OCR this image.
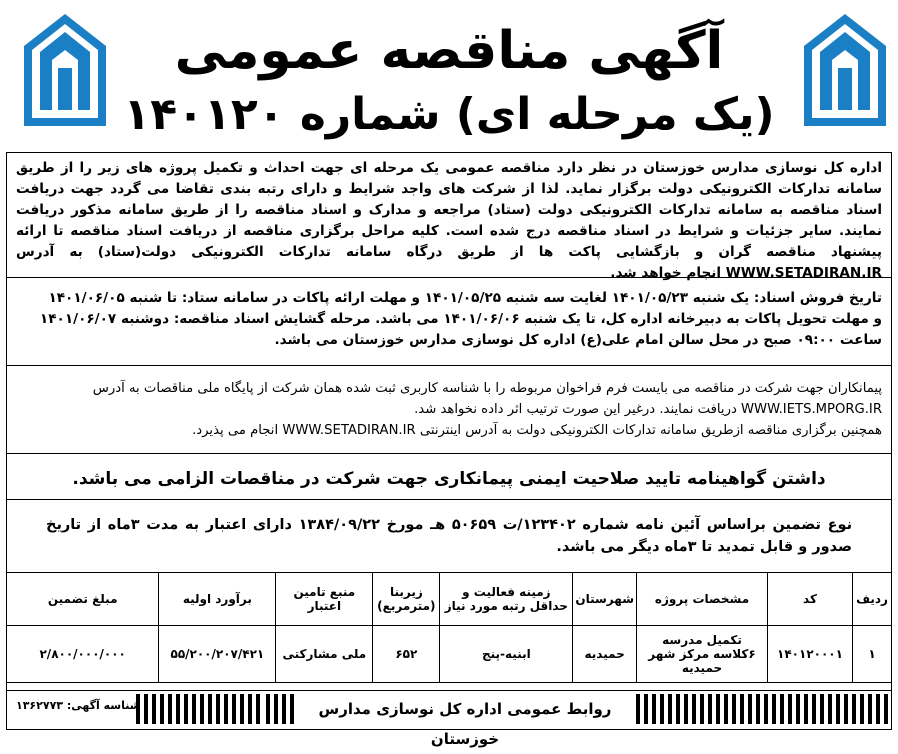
آگهی مناقصه عمومی
(یک مرحله ای) شماره ۱۴۰۱۲۰
اداره کل نوسازی مدارس خوزستان در نظر دارد مناقصه عمومی یک مرحله ای جهت احداث و تکمیل پروژه های زیر را از طریق سامانه تدارکات الکترونیکی دولت برگزار نماید. لذا از شرکت های واجد شرایط و دارای رتبه بندی تقاضا می گردد جهت دریافت اسناد مناقصه به سامانه تدارکات الکترونیکی دولت (ستاد) مراجعه و مدارک و اسناد مناقصه را از طریق سامانه مذکور دریافت نمایند. سایر جزئیات و شرایط در اسناد مناقصه درج شده است. کلیه مراحل برگزاری مناقصه از دریافت اسناد مناقصه تا ارائه پیشنهاد مناقصه گران و بازگشایی پاکت ها از طریق درگاه سامانه تدارکات الکترونیکی دولت(ستاد) به آدرس WWW.SETADIRAN.IR انجام خواهد شد.
تاریخ فروش اسناد: یک شنبه ۱۴۰۱/۰۵/۲۳ لغایت سه شنبه ۱۴۰۱/۰۵/۲۵ و مهلت ارائه پاکات در سامانه ستاد: تا شنبه ۱۴۰۱/۰۶/۰۵
و مهلت تحویل پاکات به دبیرخانه اداره کل، تا یک شنبه ۱۴۰۱/۰۶/۰۶ می باشد. مرحله گشایش اسناد مناقصه: دوشنبه ۱۴۰۱/۰۶/۰۷
ساعت ۰۹:۰۰ صبح در محل سالن امام علی(ع) اداره کل نوسازی مدارس خوزستان می باشد.
پیمانکاران جهت شرکت در مناقصه می بایست فرم فراخوان مربوطه را با شناسه کاربری ثبت شده همان شرکت از پایگاه ملی مناقصات به آدرس
WWW.IETS.MPORG.IR دریافت نمایند. درغیر این صورت ترتیب اثر داده نخواهد شد.
همچنین برگزاری مناقصه ازطریق سامانه تدارکات الکترونیکی دولت به آدرس اینترنتی WWW.SETADIRAN.IR انجام می پذیرد.
داشتن گواهینامه تایید صلاحیت ایمنی پیمانکاری جهت شرکت در مناقصات الزامی می باشد.
نوع تضمین براساس آئین نامه شماره ۱۲۳۴۰۲/ت ۵۰۶۵۹ هـ مورخ ۱۳۸۴/۰۹/۲۲ دارای اعتبار به مدت ۳ماه از تاریخ صدور و قابل تمدید تا ۳ماه دیگر می باشد.
ردیف	کد	مشخصات پروژه	شهرستان	زمینه فعالیت و حداقل رتبه مورد نیاز	زیربنا (مترمربع)	منبع تامین اعتبار	برآورد اولیه	مبلغ تضمین
۱	۱۴۰۱۲۰۰۰۱	تکمیل مدرسه ۶کلاسه مرکز شهر حمیدیه	حمیدیه	ابنیه-پنج	۶۵۲	ملی مشارکتی	۵۵/۲۰۰/۲۰۷/۴۲۱	۲/۸۰۰/۰۰۰/۰۰۰
روابط عمومی اداره کل نوسازی مدارس خوزستان
شناسه آگهی: ۱۳۶۲۷۷۳
